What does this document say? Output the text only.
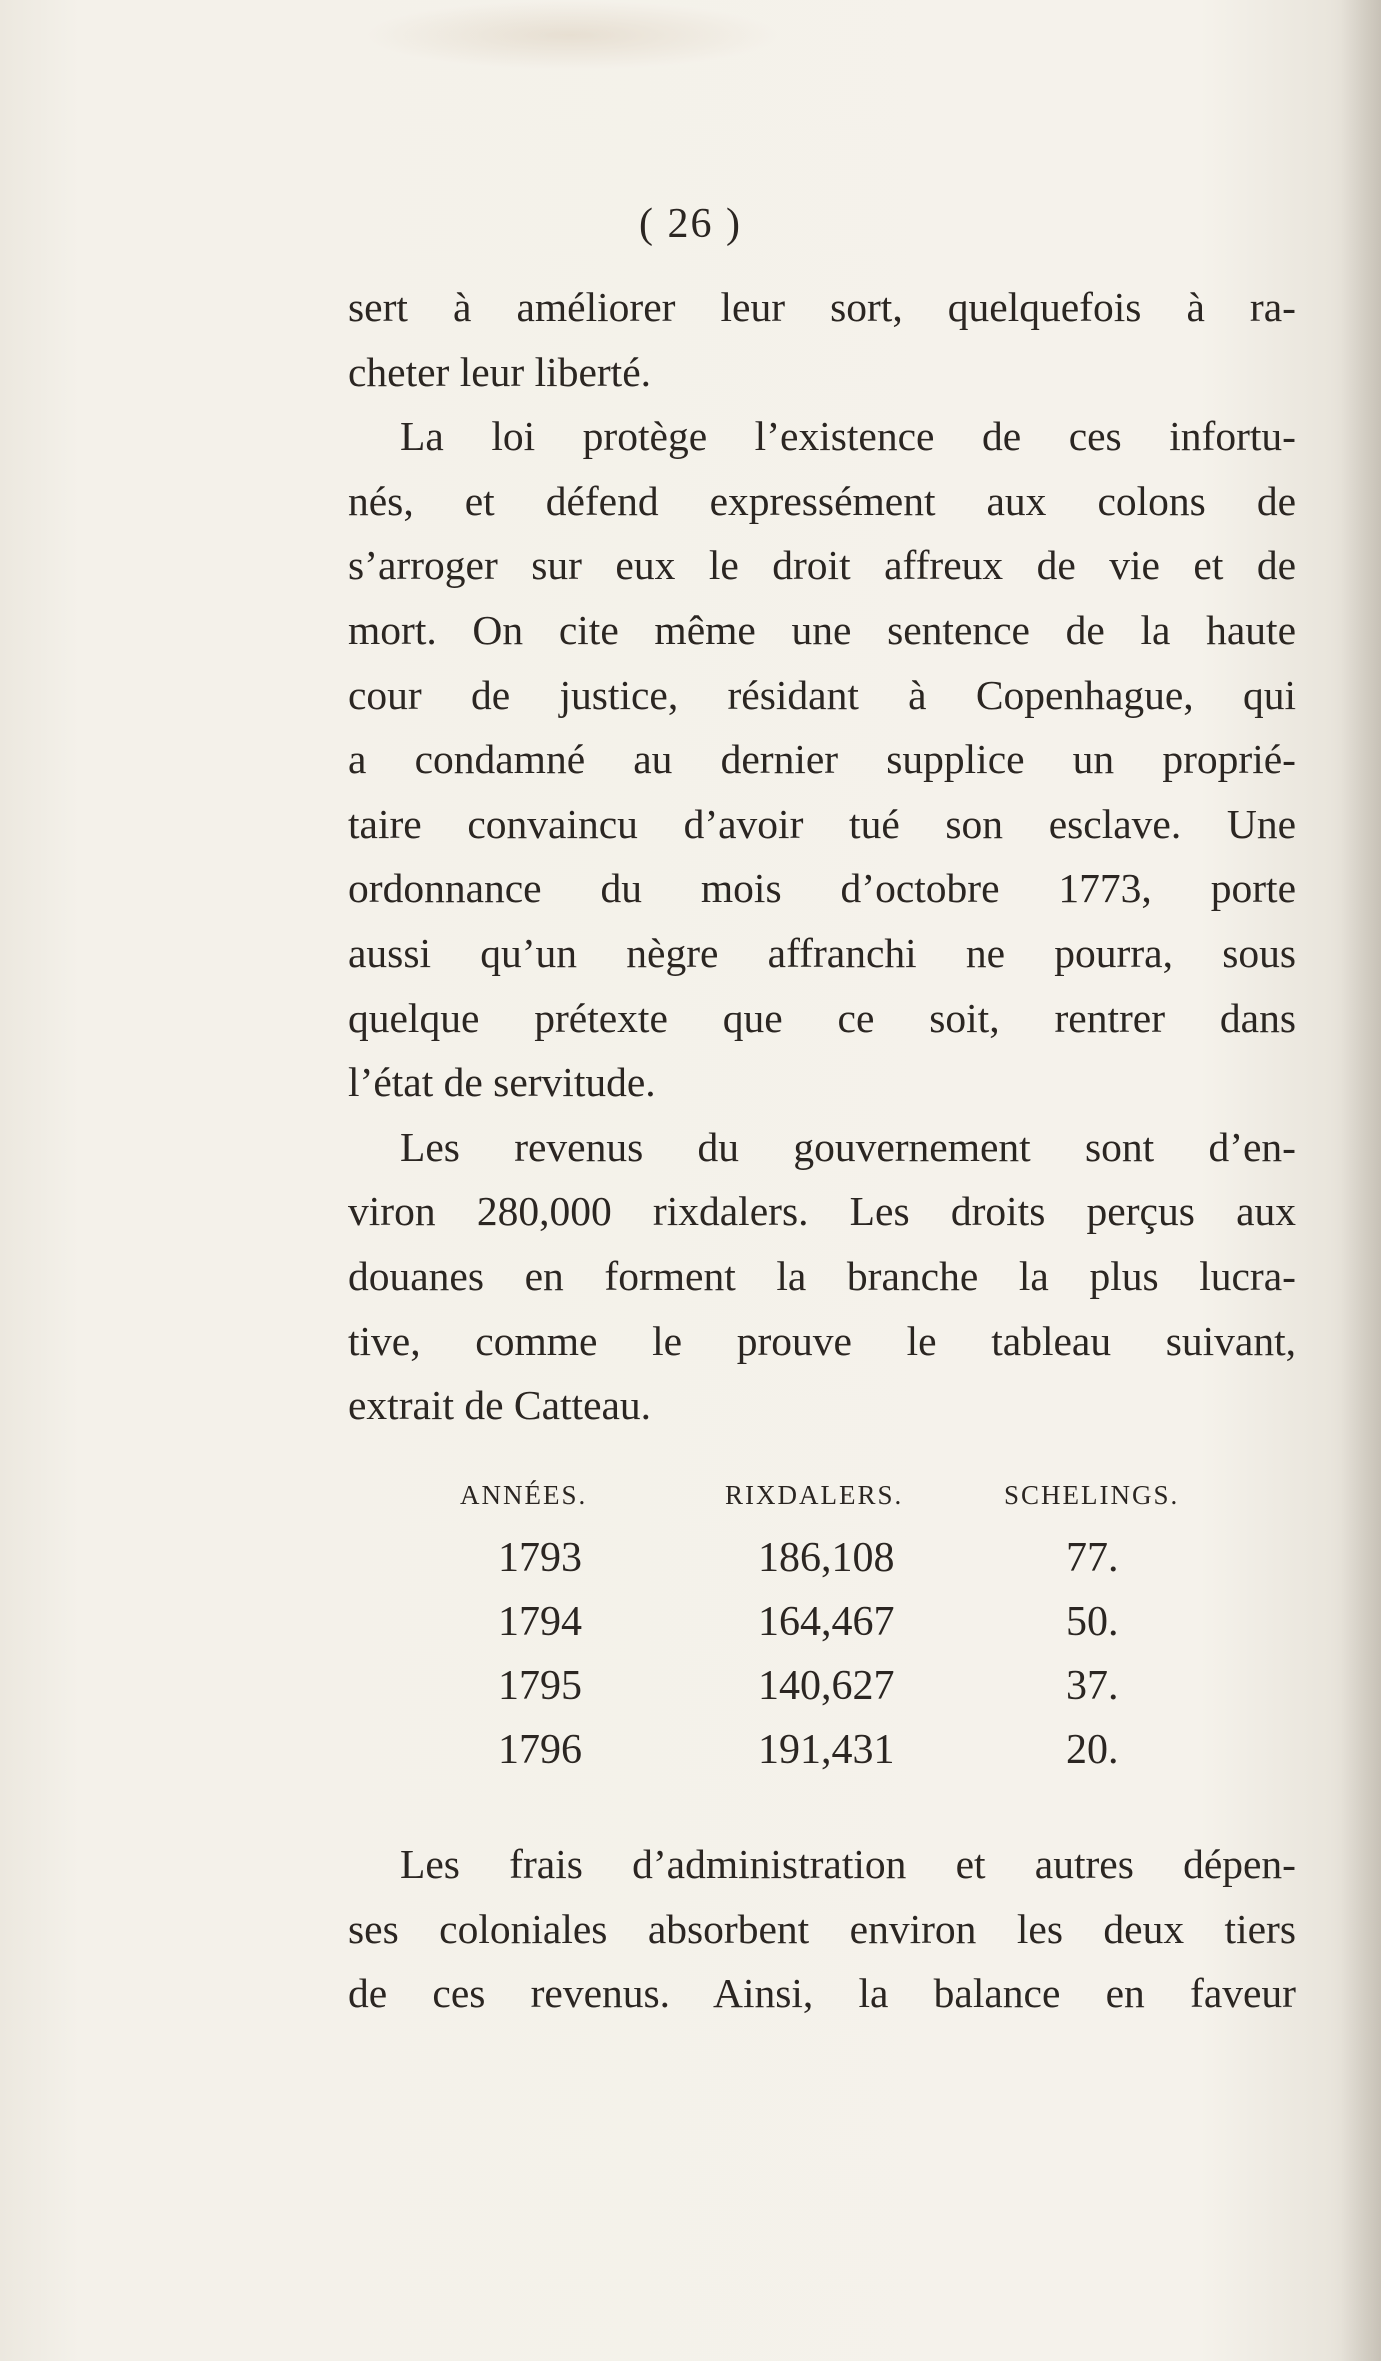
( 26 )

sert à améliorer leur sort, quelquefois à ra-

cheter leur liberté.

La loi protège l’existence de ces infortu-

nés, et défend expressément aux colons de

s’arroger sur eux le droit affreux de vie et de

mort. On cite même une sentence de la haute

cour de justice, résidant à Copenhague, qui

a condamné au dernier supplice un proprié-

taire convaincu d’avoir tué son esclave. Une

ordonnance du mois d’octobre 1773, porte

aussi qu’un nègre affranchi ne pourra, sous

quelque prétexte que ce soit, rentrer dans

l’état de servitude.

Les revenus du gouvernement sont d’en-

viron 280,000 rixdalers. Les droits perçus aux

douanes en forment la branche la plus lucra-

tive, comme le prouve le tableau suivant,

extrait de Catteau.

ANNÉES.	RIXDALERS.	SCHELINGS.
1793	186,108	77.
1794	164,467	50.
1795	140,627	37.
1796	191,431	20.

Les frais d’administration et autres dépen-

ses coloniales absorbent environ les deux tiers

de ces revenus. Ainsi, la balance en faveur
